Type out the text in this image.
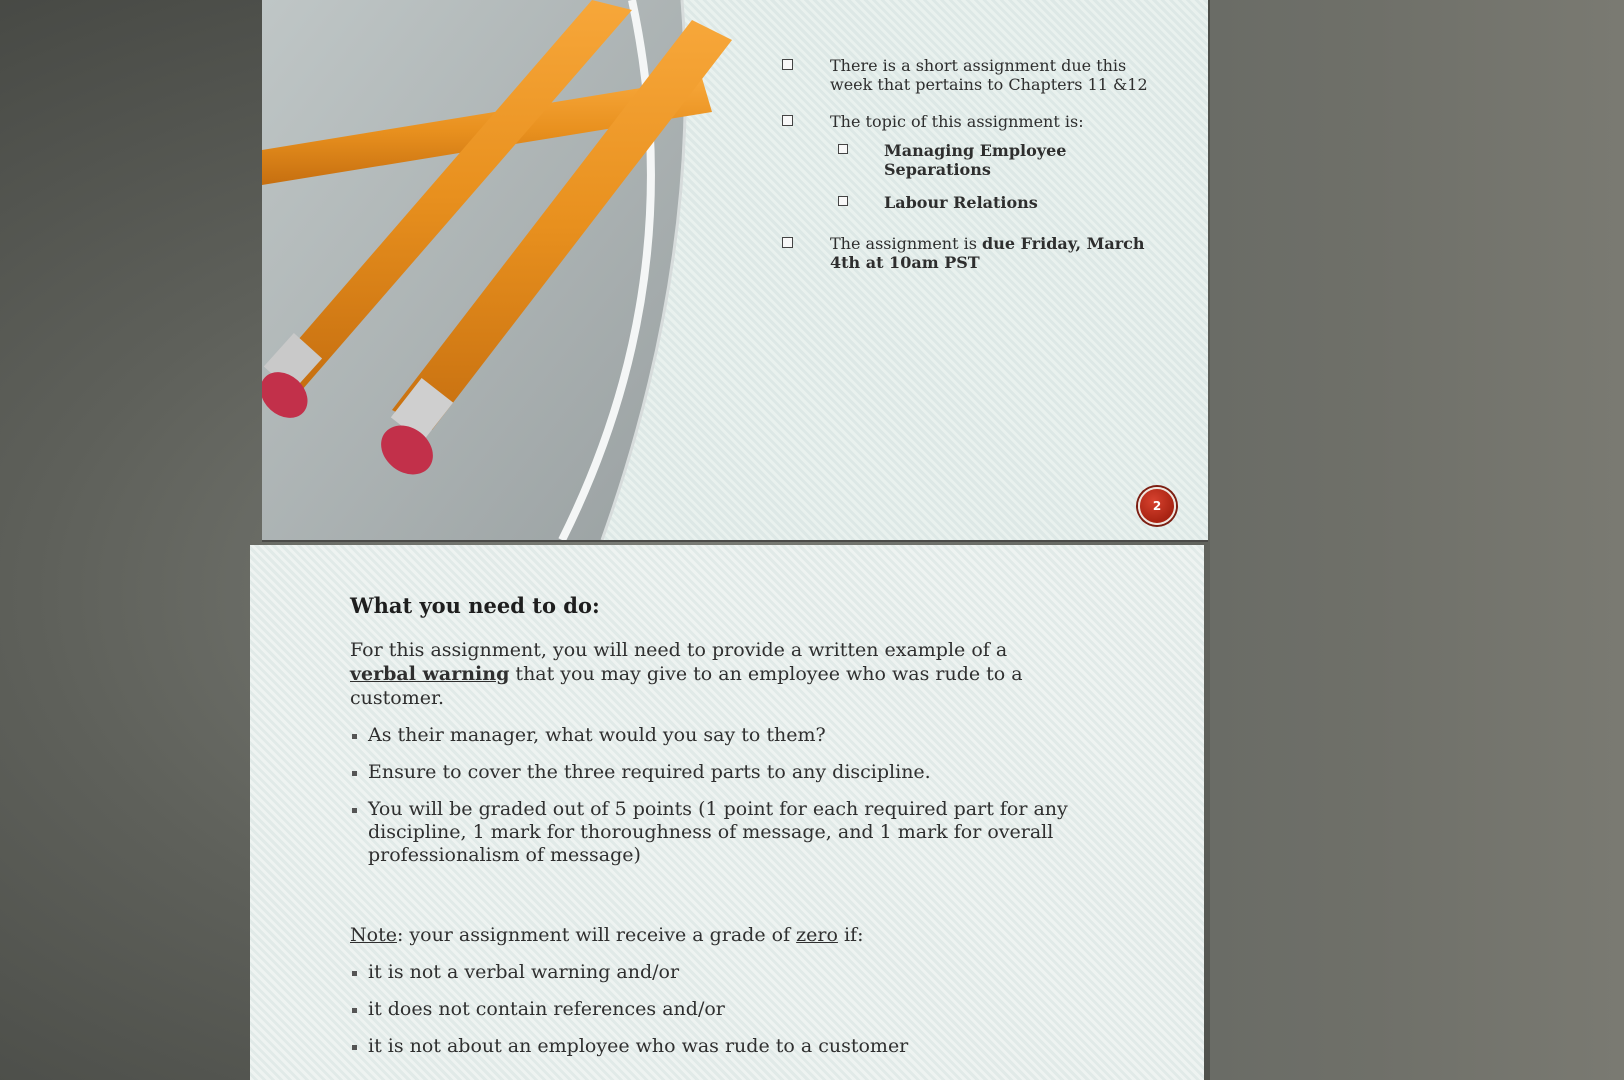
There is a short assignment due this week that pertains to Chapters 11 &12
The topic of this assignment is:
Managing Employee Separations
Labour Relations
The assignment is due Friday, March 4th at 10am PST
2
What you need to do:
For this assignment, you will need to provide a written example of a verbal warning that you may give to an employee who was rude to a customer.
As their manager, what would you say to them?
Ensure to cover the three required parts to any discipline.
You will be graded out of 5 points (1 point for each required part for any discipline, 1 mark for thoroughness of message, and 1 mark for overall professionalism of message)
Note: your assignment will receive a grade of zero if:
it is not a verbal warning and/or
it does not contain references and/or
it is not about an employee who was rude to a customer
